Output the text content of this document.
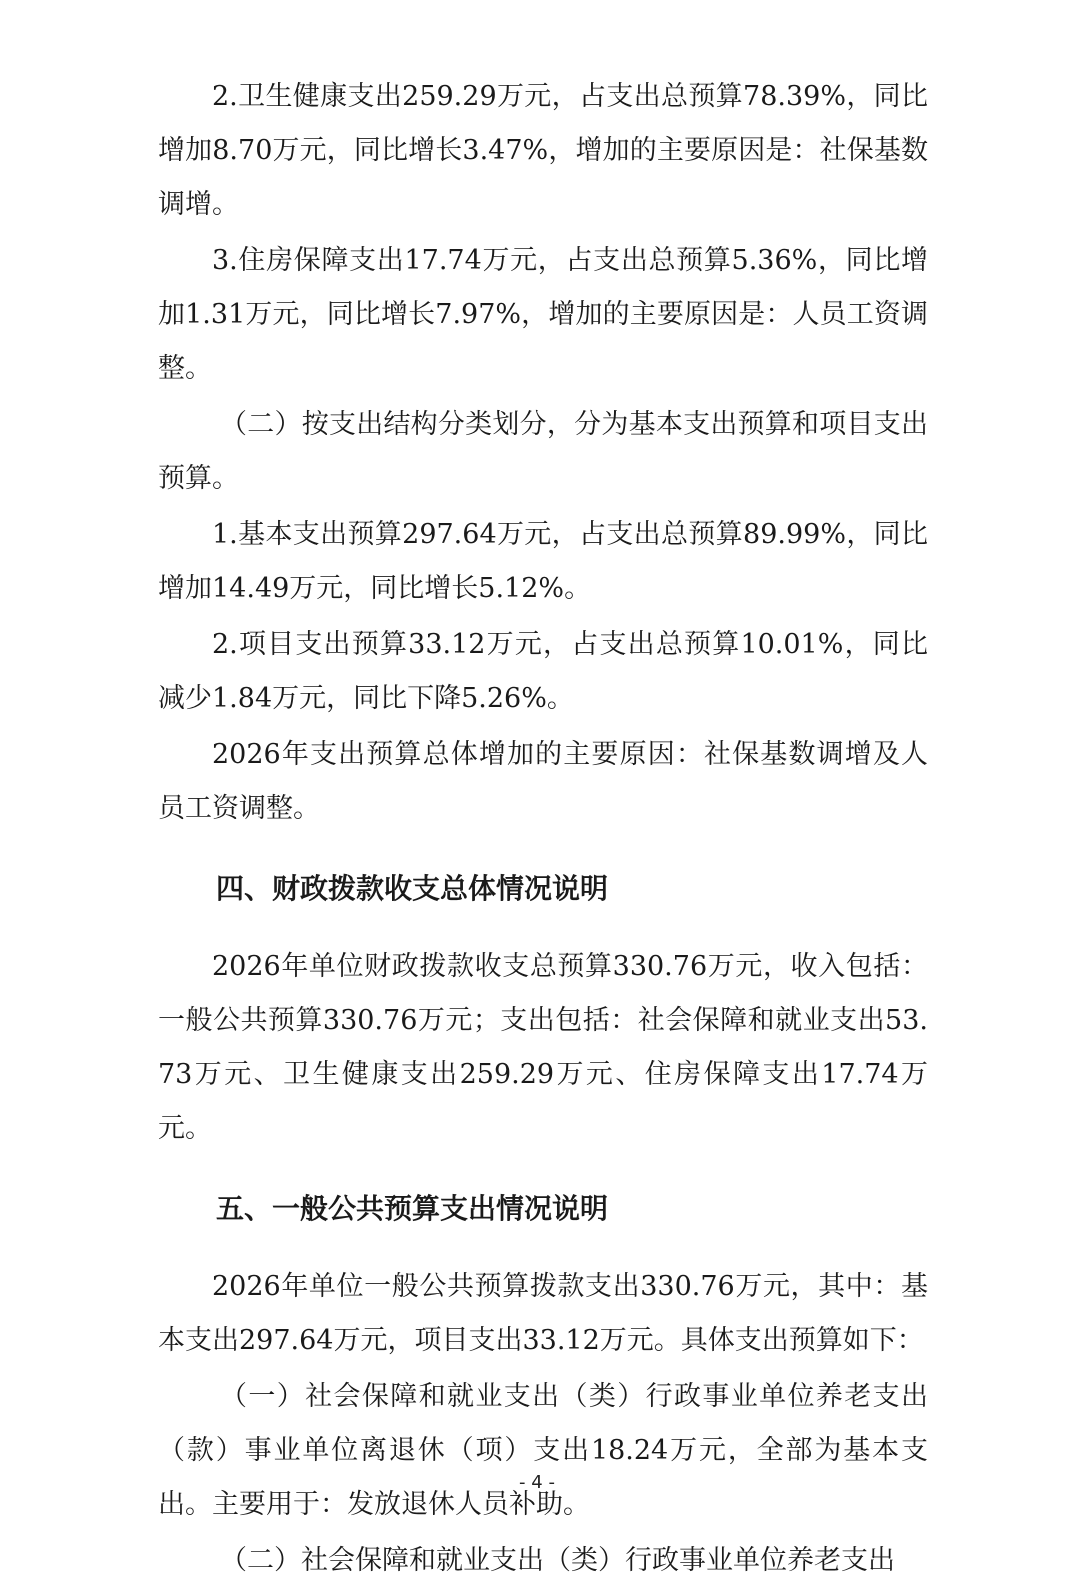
2.卫生健康支出259.29万元，占支出总预算78.39%，同比增加8.70万元，同比增长3.47%，增加的主要原因是：社保基数调增。

3.住房保障支出17.74万元，占支出总预算5.36%，同比增加1.31万元，同比增长7.97%，增加的主要原因是：人员工资调整。

（二）按支出结构分类划分，分为基本支出预算和项目支出预算。

1.基本支出预算297.64万元，占支出总预算89.99%，同比增加14.49万元，同比增长5.12%。

2.项目支出预算33.12万元，占支出总预算10.01%，同比减少1.84万元，同比下降5.26%。

2026年支出预算总体增加的主要原因：社保基数调增及人员工资调整。

四、财政拨款收支总体情况说明

2026年单位财政拨款收支总预算330.76万元，收入包括：一般公共预算330.76万元；支出包括：社会保障和就业支出53.73万元、卫生健康支出259.29万元、住房保障支出17.74万元。

五、一般公共预算支出情况说明

2026年单位一般公共预算拨款支出330.76万元，其中：基本支出297.64万元，项目支出33.12万元。具体支出预算如下：

（一）社会保障和就业支出（类）行政事业单位养老支出（款）事业单位离退休（项）支出18.24万元，全部为基本支出。主要用于：发放退休人员补助。

（二）社会保障和就业支出（类）行政事业单位养老支出

- 4 -
